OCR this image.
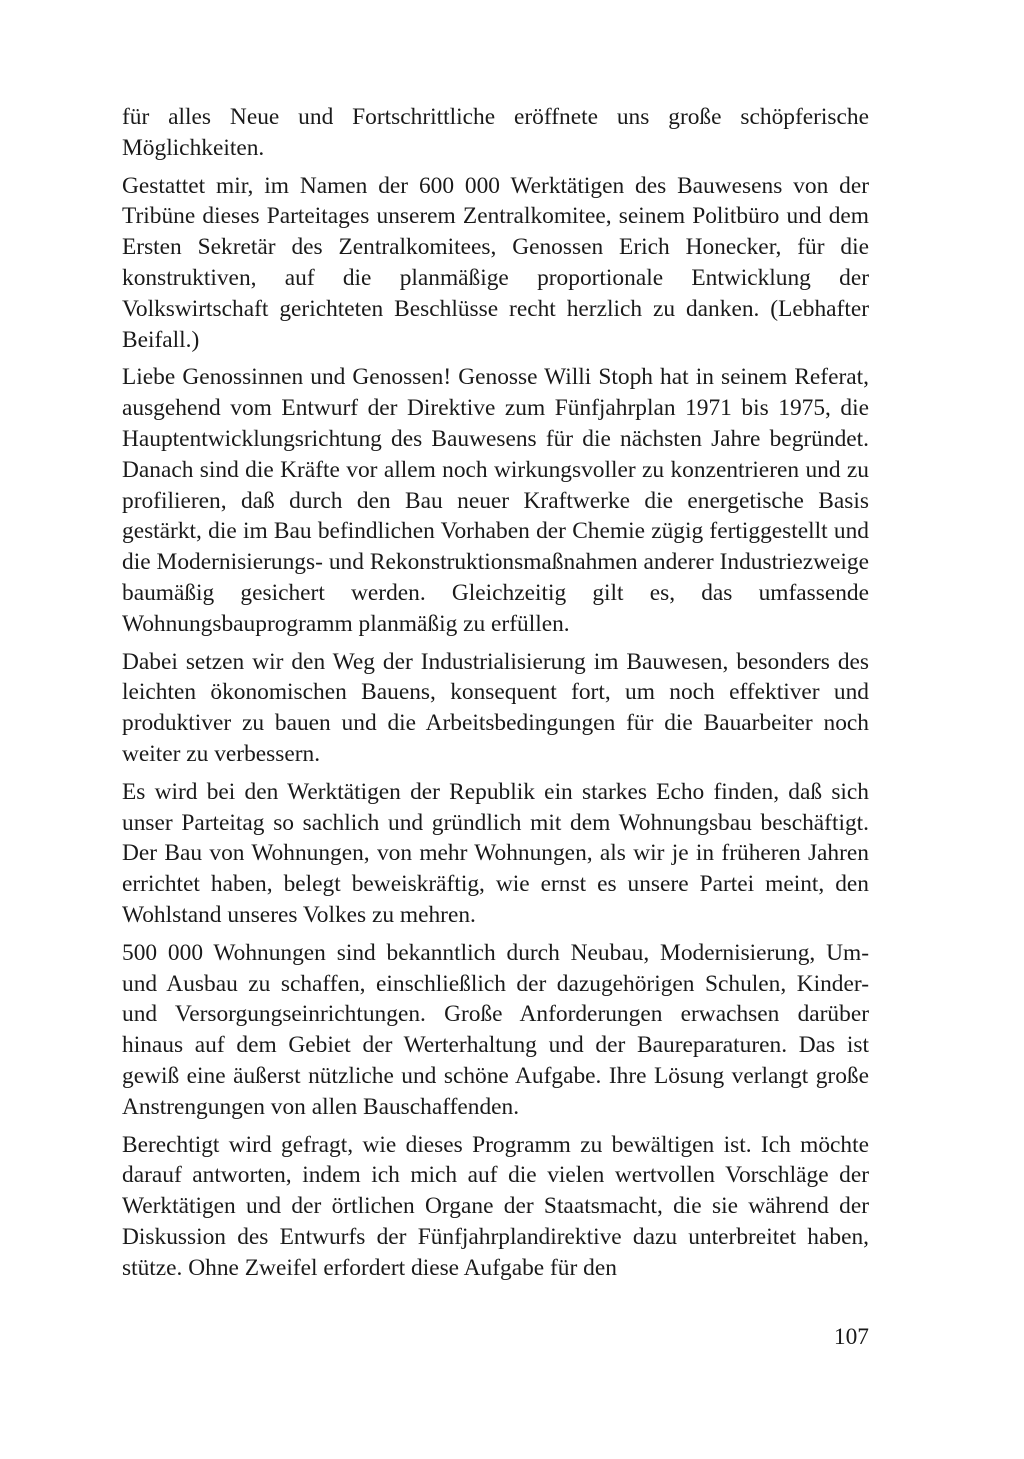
für alles Neue und Fortschrittliche eröffnete uns große schöpferische Möglichkeiten.

Gestattet mir, im Namen der 600 000 Werktätigen des Bauwesens von der Tribüne dieses Parteitages unserem Zentralkomitee, seinem Politbüro und dem Ersten Sekretär des Zentralkomitees, Genossen Erich Honecker, für die konstruktiven, auf die planmäßige proportionale Entwicklung der Volkswirtschaft gerichteten Beschlüsse recht herzlich zu danken. (Lebhafter Beifall.)

Liebe Genossinnen und Genossen! Genosse Willi Stoph hat in seinem Referat, ausgehend vom Entwurf der Direktive zum Fünfjahrplan 1971 bis 1975, die Hauptentwicklungsrichtung des Bauwesens für die nächsten Jahre begründet. Danach sind die Kräfte vor allem noch wirkungsvoller zu konzentrieren und zu profilieren, daß durch den Bau neuer Kraftwerke die energetische Basis gestärkt, die im Bau befindlichen Vorhaben der Chemie zügig fertiggestellt und die Modernisierungs- und Rekonstruktionsmaßnahmen anderer Industriezweige baumäßig gesichert werden. Gleichzeitig gilt es, das umfassende Wohnungsbauprogramm planmäßig zu erfüllen.

Dabei setzen wir den Weg der Industrialisierung im Bauwesen, besonders des leichten ökonomischen Bauens, konsequent fort, um noch effektiver und produktiver zu bauen und die Arbeitsbedingungen für die Bauarbeiter noch weiter zu verbessern.

Es wird bei den Werktätigen der Republik ein starkes Echo finden, daß sich unser Parteitag so sachlich und gründlich mit dem Wohnungsbau beschäftigt. Der Bau von Wohnungen, von mehr Wohnungen, als wir je in früheren Jahren errichtet haben, belegt beweiskräftig, wie ernst es unsere Partei meint, den Wohlstand unseres Volkes zu mehren.

500 000 Wohnungen sind bekanntlich durch Neubau, Modernisierung, Um- und Ausbau zu schaffen, einschließlich der dazugehörigen Schulen, Kinder- und Versorgungseinrichtungen. Große Anforderungen erwachsen darüber hinaus auf dem Gebiet der Werterhaltung und der Baureparaturen. Das ist gewiß eine äußerst nützliche und schöne Aufgabe. Ihre Lösung verlangt große Anstrengungen von allen Bauschaffenden.

Berechtigt wird gefragt, wie dieses Programm zu bewältigen ist. Ich möchte darauf antworten, indem ich mich auf die vielen wertvollen Vorschläge der Werktätigen und der örtlichen Organe der Staatsmacht, die sie während der Diskussion des Entwurfs der Fünfjahrplandirektive dazu unterbreitet haben, stütze. Ohne Zweifel erfordert diese Aufgabe für den

107
